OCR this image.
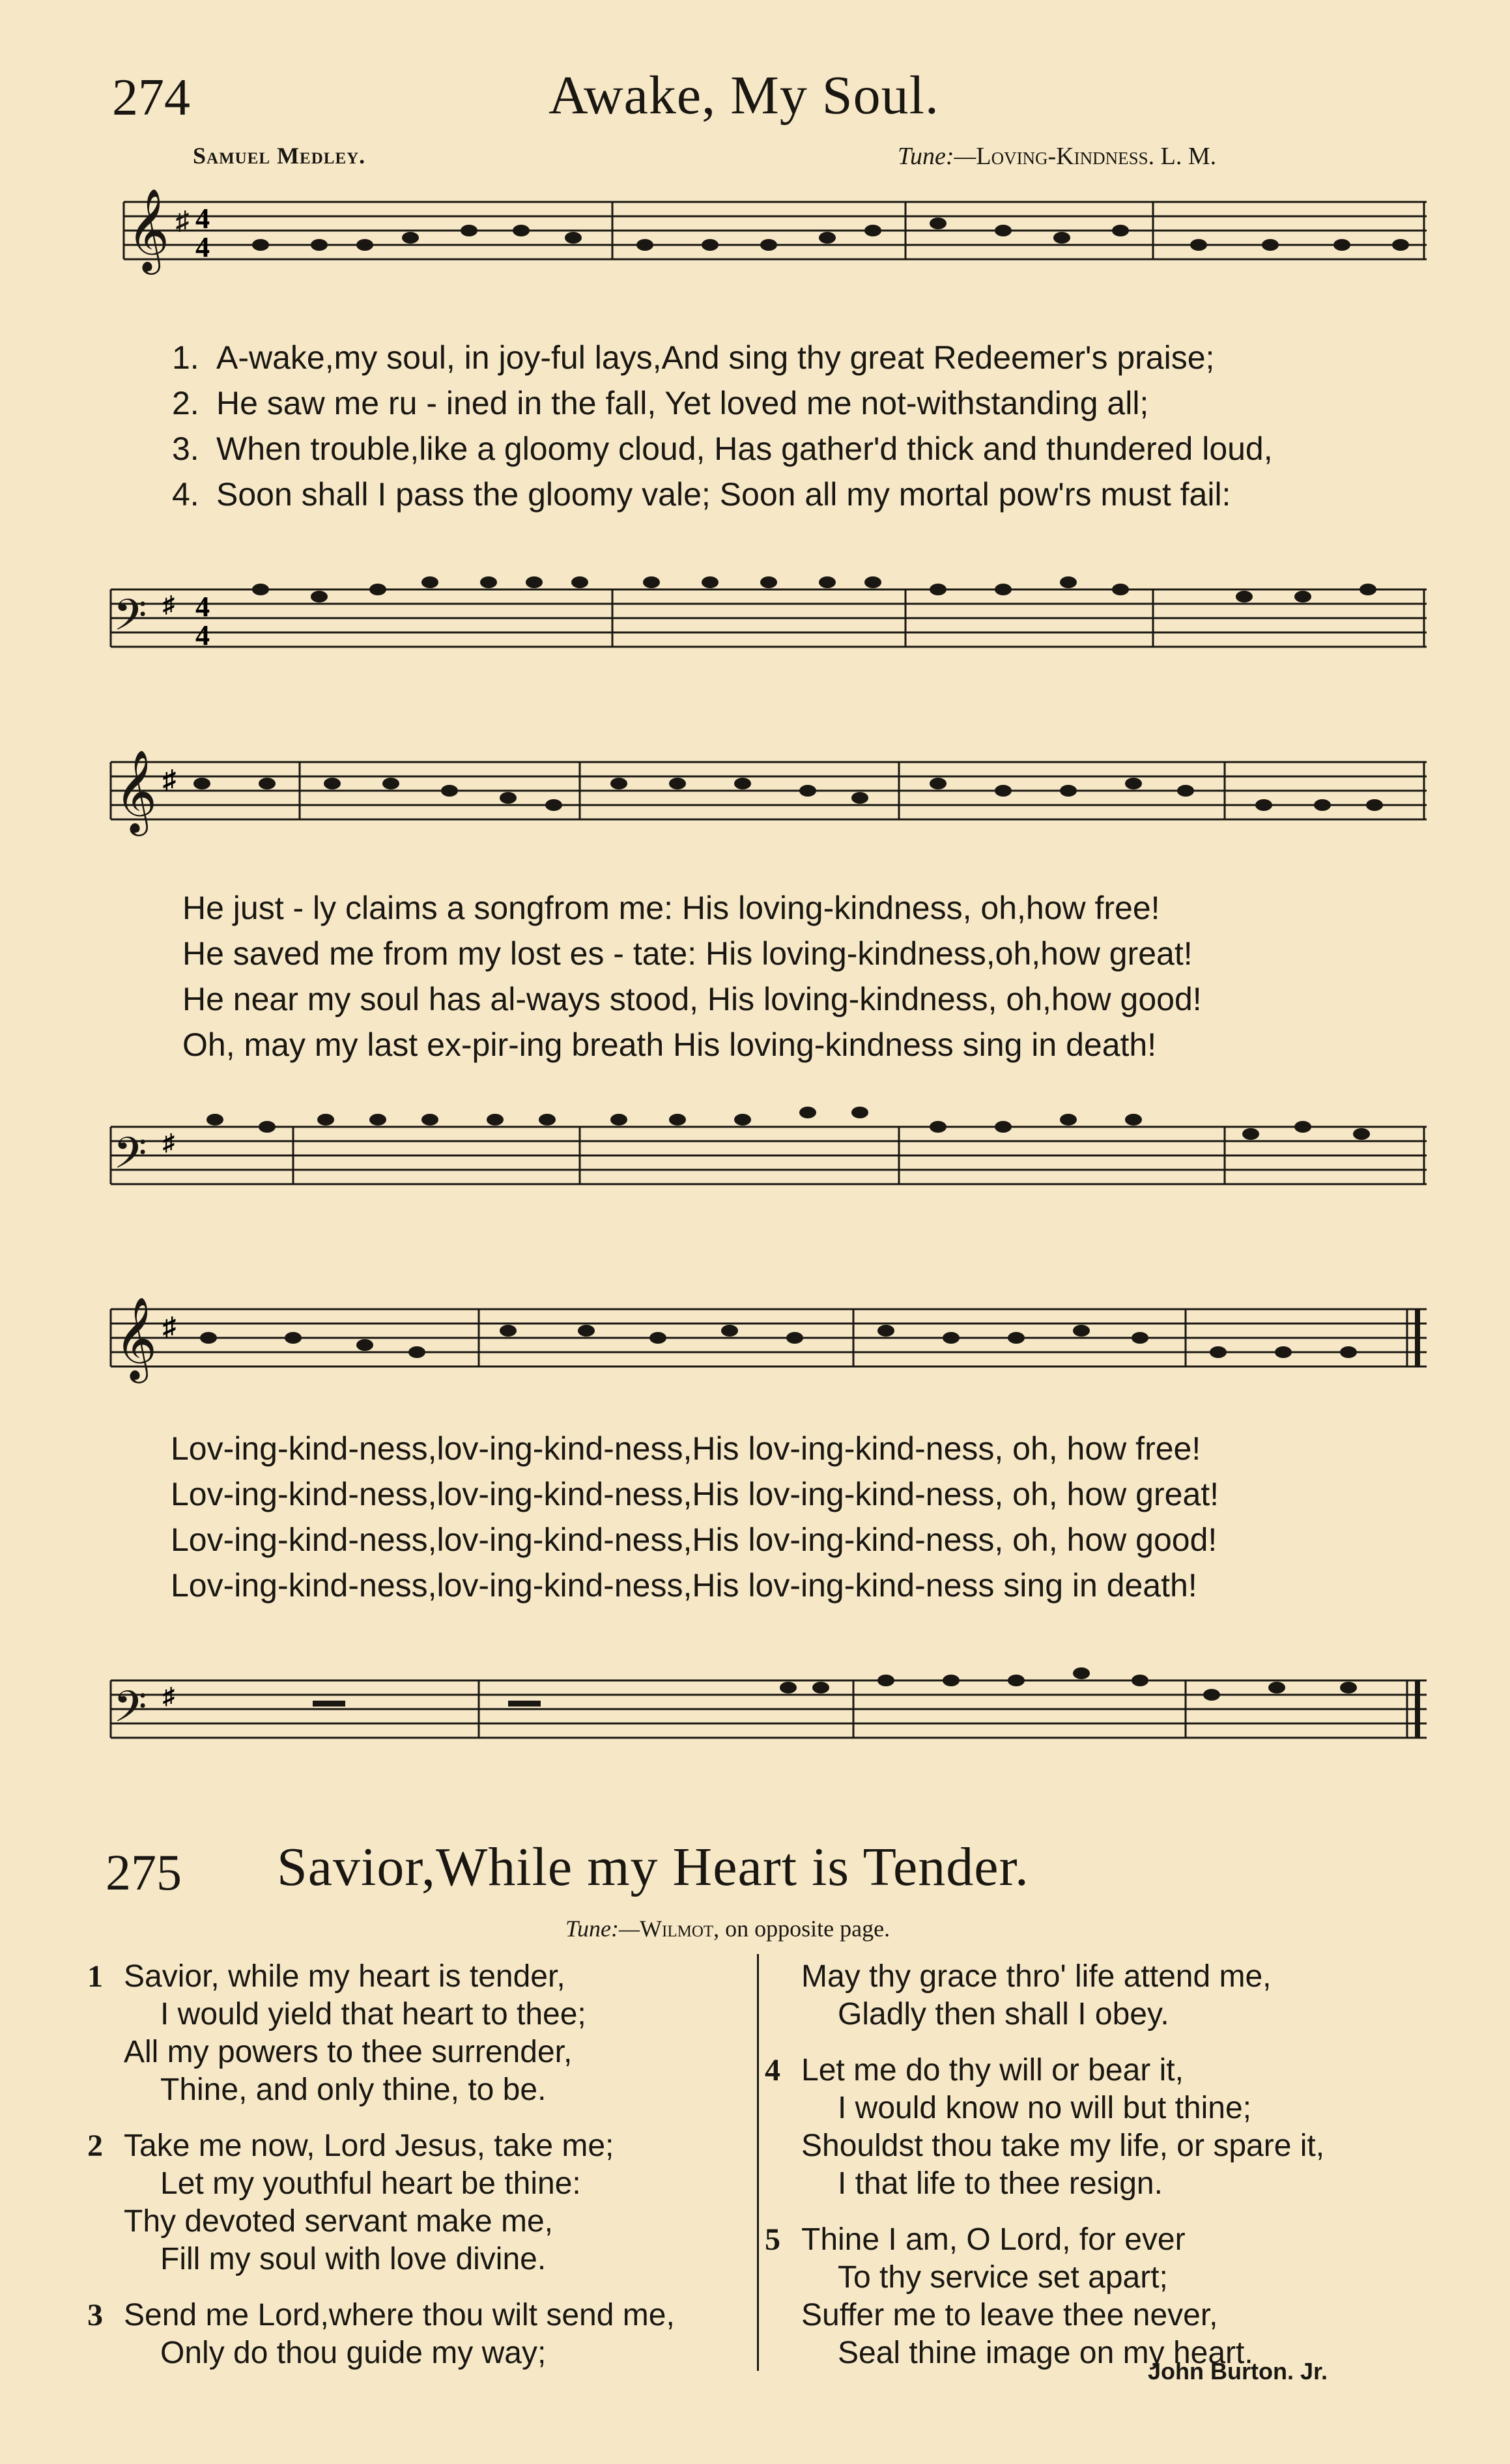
274	Awake, My Soul.
Samuel Medley.	Tune:—Loving-Kindness. L. M.
𝄞 ♯ 4
4
1. A-wake,my soul, in joy-ful lays,And sing thy great Redeemer's praise;
2. He saw me ru - ined in the fall, Yet loved me not-withstanding all;
3. When trouble,like a gloomy cloud, Has gather'd thick and thundered loud,
4. Soon shall I pass the gloomy vale; Soon all my mortal pow'rs must fail:
𝄢 ♯ 4
4
𝄞 ♯
He just - ly claims a songfrom me: His loving-kindness, oh,how free!
He saved me from my lost es - tate: His loving-kindness,oh,how great!
He near my soul has al-ways stood, His loving-kindness, oh,how good!
Oh, may my last ex-pir-ing breath His loving-kindness sing in death!
𝄢 ♯
𝄞 ♯
Lov-ing-kind-ness,lov-ing-kind-ness,His lov-ing-kind-ness, oh, how free!
Lov-ing-kind-ness,lov-ing-kind-ness,His lov-ing-kind-ness, oh, how great!
Lov-ing-kind-ness,lov-ing-kind-ness,His lov-ing-kind-ness, oh, how good!
Lov-ing-kind-ness,lov-ing-kind-ness,His lov-ing-kind-ness sing in death!
𝄢 ♯
275 Savior,While my Heart is Tender.
Tune:—Wilmot, on opposite page.
1 Savior, while my heart is tender,
I would yield that heart to thee;
All my powers to thee surrender,
Thine, and only thine, to be.
2 Take me now, Lord Jesus, take me;
Let my youthful heart be thine:
Thy devoted servant make me,
Fill my soul with love divine.
3 Send me Lord,where thou wilt send me,
Only do thou guide my way;
May thy grace thro' life attend me,
Gladly then shall I obey.
4 Let me do thy will or bear it,
I would know no will but thine;
Shouldst thou take my life, or spare it,
I that life to thee resign.
5 Thine I am, O Lord, for ever
To thy service set apart;
Suffer me to leave thee never,
Seal thine image on my heart.
John Burton. Jr.
